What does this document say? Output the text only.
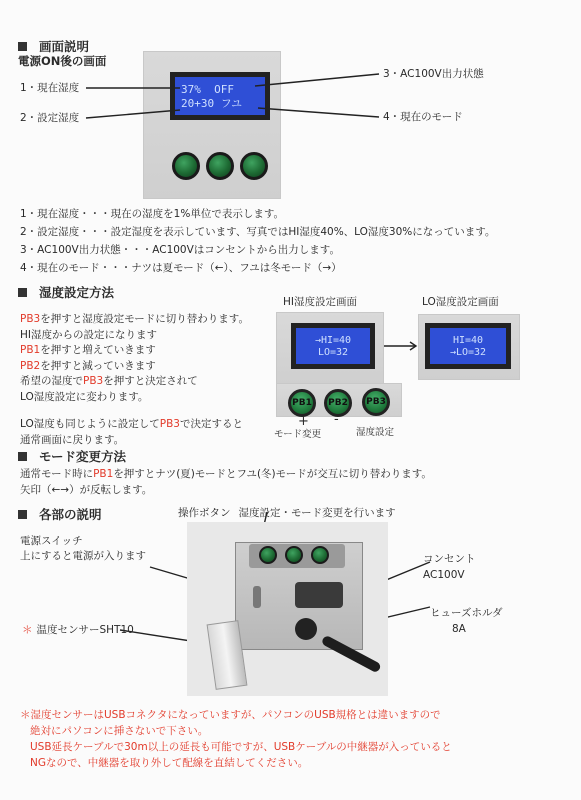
画面説明
電源ON後の画面
37%  OFF
20+30 フユ
1・現在湿度
2・設定湿度
3・AC100V出力状態
4・現在のモード
1・現在湿度・・・現在の湿度を1%単位で表示します。
2・設定湿度・・・設定湿度を表示しています、写真ではHI湿度40%、LO湿度30%になっています。
3・AC100V出力状態・・・AC100Vはコンセントから出力します。
4・現在のモード・・・ナツは夏モード（←）、フユは冬モード（→）
湿度設定方法
PB3を押すと湿度設定モードに切り替わります。
HI湿度からの設定になります
PB1を押すと増えていきます
PB2を押すと減っていきます
希望の湿度でPB3を押すと決定されて
LO湿度設定に変わります。
LO湿度も同じように設定してPB3で決定すると
通常画面に戻ります。
HI湿度設定画面	LO湿度設定画面
→HI=40
LO=32
HI=40
→LO=32
PB1	PB2	PB3
+ -
モード変更	湿度設定
モード変更方法
通常モード時にPB1を押すとナツ(夏)モードとフユ(冬)モードが交互に切り替わります。
矢印（←→）が反転します。
各部の説明	操作ボタン 湿度設定・モード変更を行います
電源スイッチ
上にすると電源が入ります	コンセント
AC100V
ヒューズホルダ
8A
＊ 温度センサーSHT10
＊湿度センサーはUSBコネクタになっていますが、パソコンのUSB規格とは違いますので
絶対にパソコンに挿さないで下さい。
USB延長ケーブルで30m以上の延長も可能ですが、USBケーブルの中継器が入っていると
NGなので、中継器を取り外して配線を直結してください。
